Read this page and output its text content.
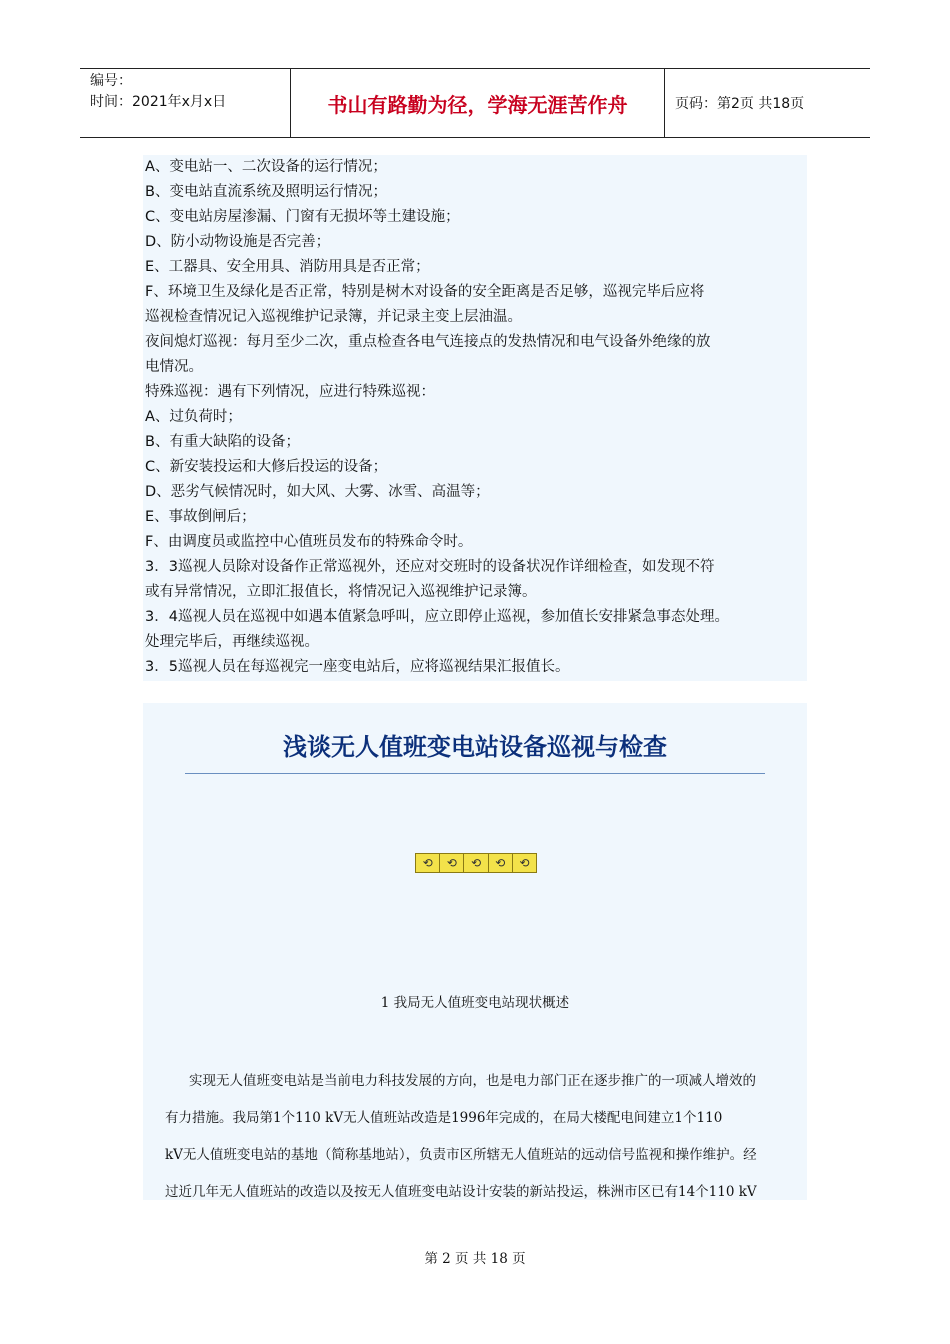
编号：
时间：2021年x月x日	书山有路勤为径，学海无涯苦作舟	页码：第2页 共18页

A、变电站一、二次设备的运行情况；

B、变电站直流系统及照明运行情况；

C、变电站房屋渗漏、门窗有无损坏等土建设施；

D、防小动物设施是否完善；

E、工器具、安全用具、消防用具是否正常；

F、环境卫生及绿化是否正常，特别是树木对设备的安全距离是否足够，巡视完毕后应将

巡视检查情况记入巡视维护记录簿，并记录主变上层油温。

夜间熄灯巡视：每月至少二次，重点检查各电气连接点的发热情况和电气设备外绝缘的放

电情况。

特殊巡视：遇有下列情况，应进行特殊巡视：

A、过负荷时；

B、有重大缺陷的设备；

C、新安装投运和大修后投运的设备；

D、恶劣气候情况时，如大风、大雾、冰雪、高温等；

E、事故倒闸后；

F、由调度员或监控中心值班员发布的特殊命令时。

3．3巡视人员除对设备作正常巡视外，还应对交班时的设备状况作详细检查，如发现不符

或有异常情况，立即汇报值长，将情况记入巡视维护记录簿。

3．4巡视人员在巡视中如遇本值紧急呼叫，应立即停止巡视，参加值长安排紧急事态处理。

处理完毕后，再继续巡视。

3．5巡视人员在每巡视完一座变电站后，应将巡视结果汇报值长。

浅谈无人值班变电站设备巡视与检查
⟲	⟲	⟲	⟲	⟲
1 我局无人值班变电站现状概述

实现无人值班变电站是当前电力科技发展的方向，也是电力部门正在逐步推广的一项减人增效的

有力措施。我局第1个110 kV无人值班站改造是1996年完成的，在局大楼配电间建立1个110

kV无人值班变电站的基地（简称基地站），负责市区所辖无人值班站的远动信号监视和操作维护。经

过近几年无人值班站的改造以及按无人值班变电站设计安装的新站投运，株洲市区已有14个110 kV

第 2 页 共 18 页
